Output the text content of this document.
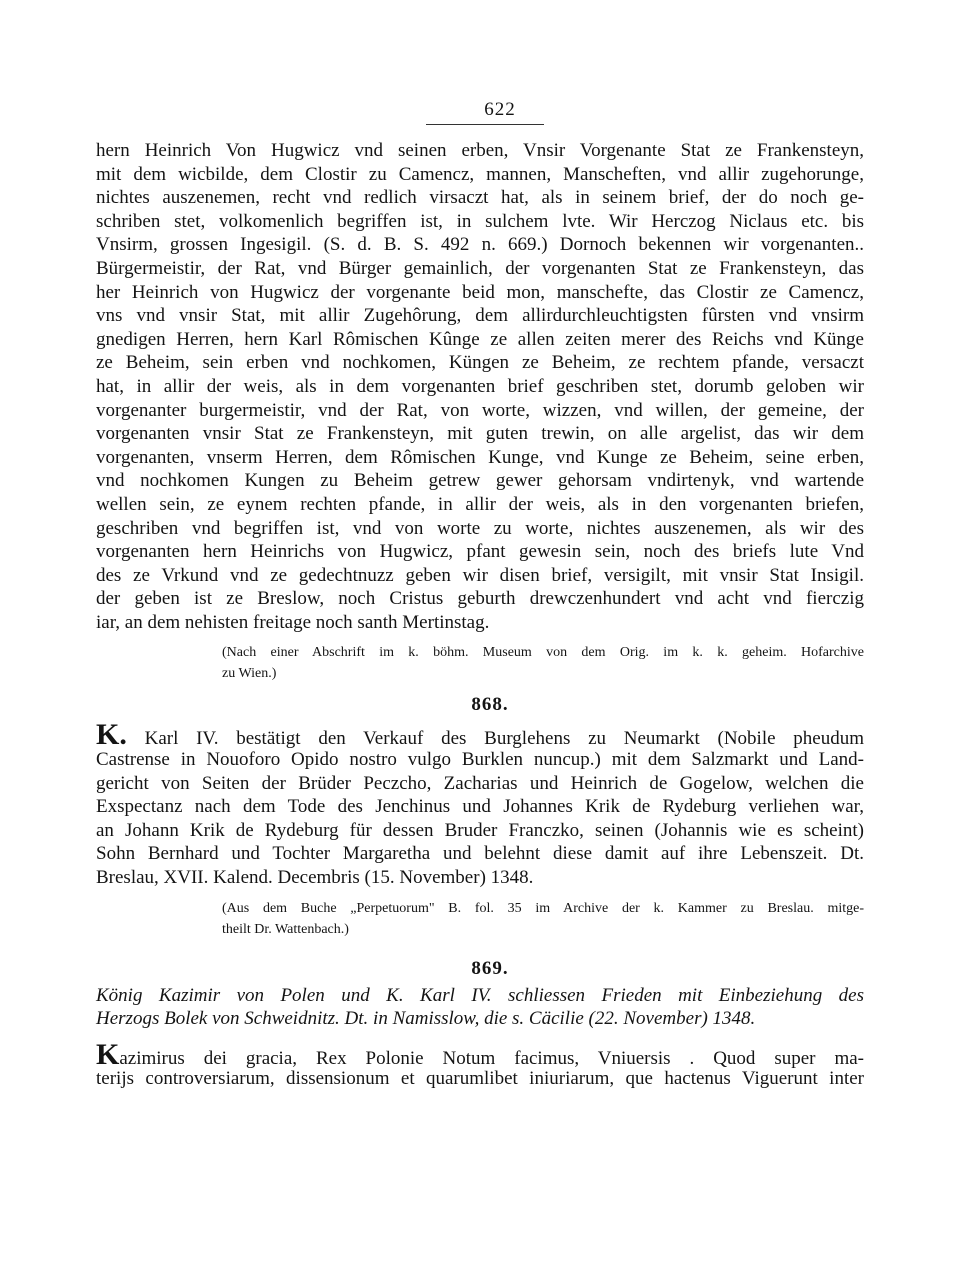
622
hern Heinrich Von Hugwicz vnd seinen erben, Vnsir Vorgenante Stat ze Frankensteyn,
mit dem wicbilde, dem Clostir zu Camencz, mannen, Manscheften, vnd allir zugehorunge,
nichtes auszenemen, recht vnd redlich virsaczt hat, als in seinem brief, der do noch ge-
schriben stet, volkomenlich begriffen ist, in sulchem lvte. Wir Herczog Niclaus etc. bis
Vnsirm, grossen Ingesigil. (S. d. B. S. 492 n. 669.) Dornoch bekennen wir vorgenanten..
Bürgermeistir, der Rat, vnd Bürger gemainlich, der vorgenanten Stat ze Frankensteyn, das
her Heinrich von Hugwicz der vorgenante beid mon, manschefte, das Clostir ze Camencz,
vns vnd vnsir Stat, mit allir Zugehôrung, dem allirdurchleuchtigsten fûrsten vnd vnsirm
gnedigen Herren, hern Karl Rômischen Kûnge ze allen zeiten merer des Reichs vnd Künge
ze Beheim, sein erben vnd nochkomen, Küngen ze Beheim, ze rechtem pfande, versaczt
hat, in allir der weis, als in dem vorgenanten brief geschriben stet, dorumb geloben wir
vorgenanter burgermeistir, vnd der Rat, von worte, wizzen, vnd willen, der gemeine, der
vorgenanten vnsir Stat ze Frankensteyn, mit guten trewin, on alle argelist, das wir dem
vorgenanten, vnserm Herren, dem Rômischen Kunge, vnd Kunge ze Beheim, seine erben,
vnd nochkomen Kungen zu Beheim getrew gewer gehorsam vndirtenyk, vnd wartende
wellen sein, ze eynem rechten pfande, in allir der weis, als in den vorgenanten briefen,
geschriben vnd begriffen ist, vnd von worte zu worte, nichtes auszenemen, als wir des
vorgenanten hern Heinrichs von Hugwicz, pfant gewesin sein, noch des briefs lute Vnd
des ze Vrkund vnd ze gedechtnuzz geben wir disen brief, versigilt, mit vnsir Stat Insigil.
der geben ist ze Breslow, noch Cristus geburth drewczenhundert vnd acht vnd fierczig
iar, an dem nehisten freitage noch santh Mertinstag.
(Nach einer Abschrift im k. böhm. Museum von dem Orig. im k. k. geheim. Hofarchive
zu Wien.)
868.
K. Karl IV. bestätigt den Verkauf des Burglehens zu Neumarkt (Nobile pheudum
Castrense in Nouoforo Opido nostro vulgo Burklen nuncup.) mit dem Salzmarkt und Land-
gericht von Seiten der Brüder Peczcho, Zacharias und Heinrich de Gogelow, welchen die
Exspectanz nach dem Tode des Jenchinus und Johannes Krik de Rydeburg verliehen war,
an Johann Krik de Rydeburg für dessen Bruder Franczko, seinen (Johannis wie es scheint)
Sohn Bernhard und Tochter Margaretha und belehnt diese damit auf ihre Lebenszeit. Dt.
Breslau, XVII. Kalend. Decembris (15. November) 1348.
(Aus dem Buche „Perpetuorum" B. fol. 35 im Archive der k. Kammer zu Breslau. mitge-
theilt Dr. Wattenbach.)
869.
König Kazimir von Polen und K. Karl IV. schliessen Frieden mit Einbeziehung des
Herzogs Bolek von Schweidnitz. Dt. in Namisslow, die s. Cäcilie (22. November) 1348.
Kazimirus dei gracia, Rex Polonie Notum facimus, Vniuersis . Quod super ma-
terijs controversiarum, dissensionum et quarumlibet iniuriarum, que hactenus Viguerunt inter
